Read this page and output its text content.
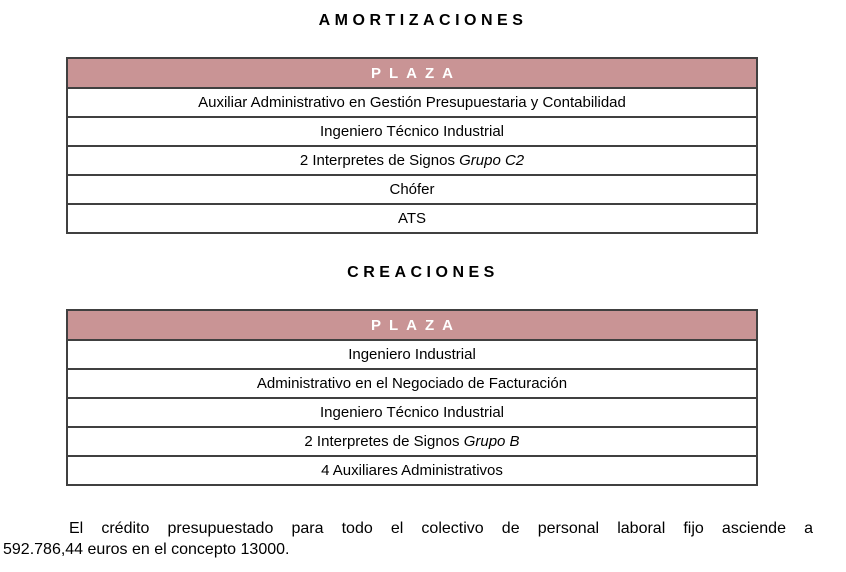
AMORTIZACIONES
PLAZA
Auxiliar Administrativo en Gestión Presupuestaria y Contabilidad
Ingeniero Técnico Industrial
2 Interpretes de Signos Grupo C2
Chófer
ATS
CREACIONES
PLAZA
Ingeniero Industrial
Administrativo en el Negociado de Facturación
Ingeniero Técnico Industrial
2 Interpretes de Signos Grupo B
4 Auxiliares Administrativos
El crédito presupuestado para todo el colectivo de personal laboral fijo asciende a
592.786,44 euros en el concepto 13000.
